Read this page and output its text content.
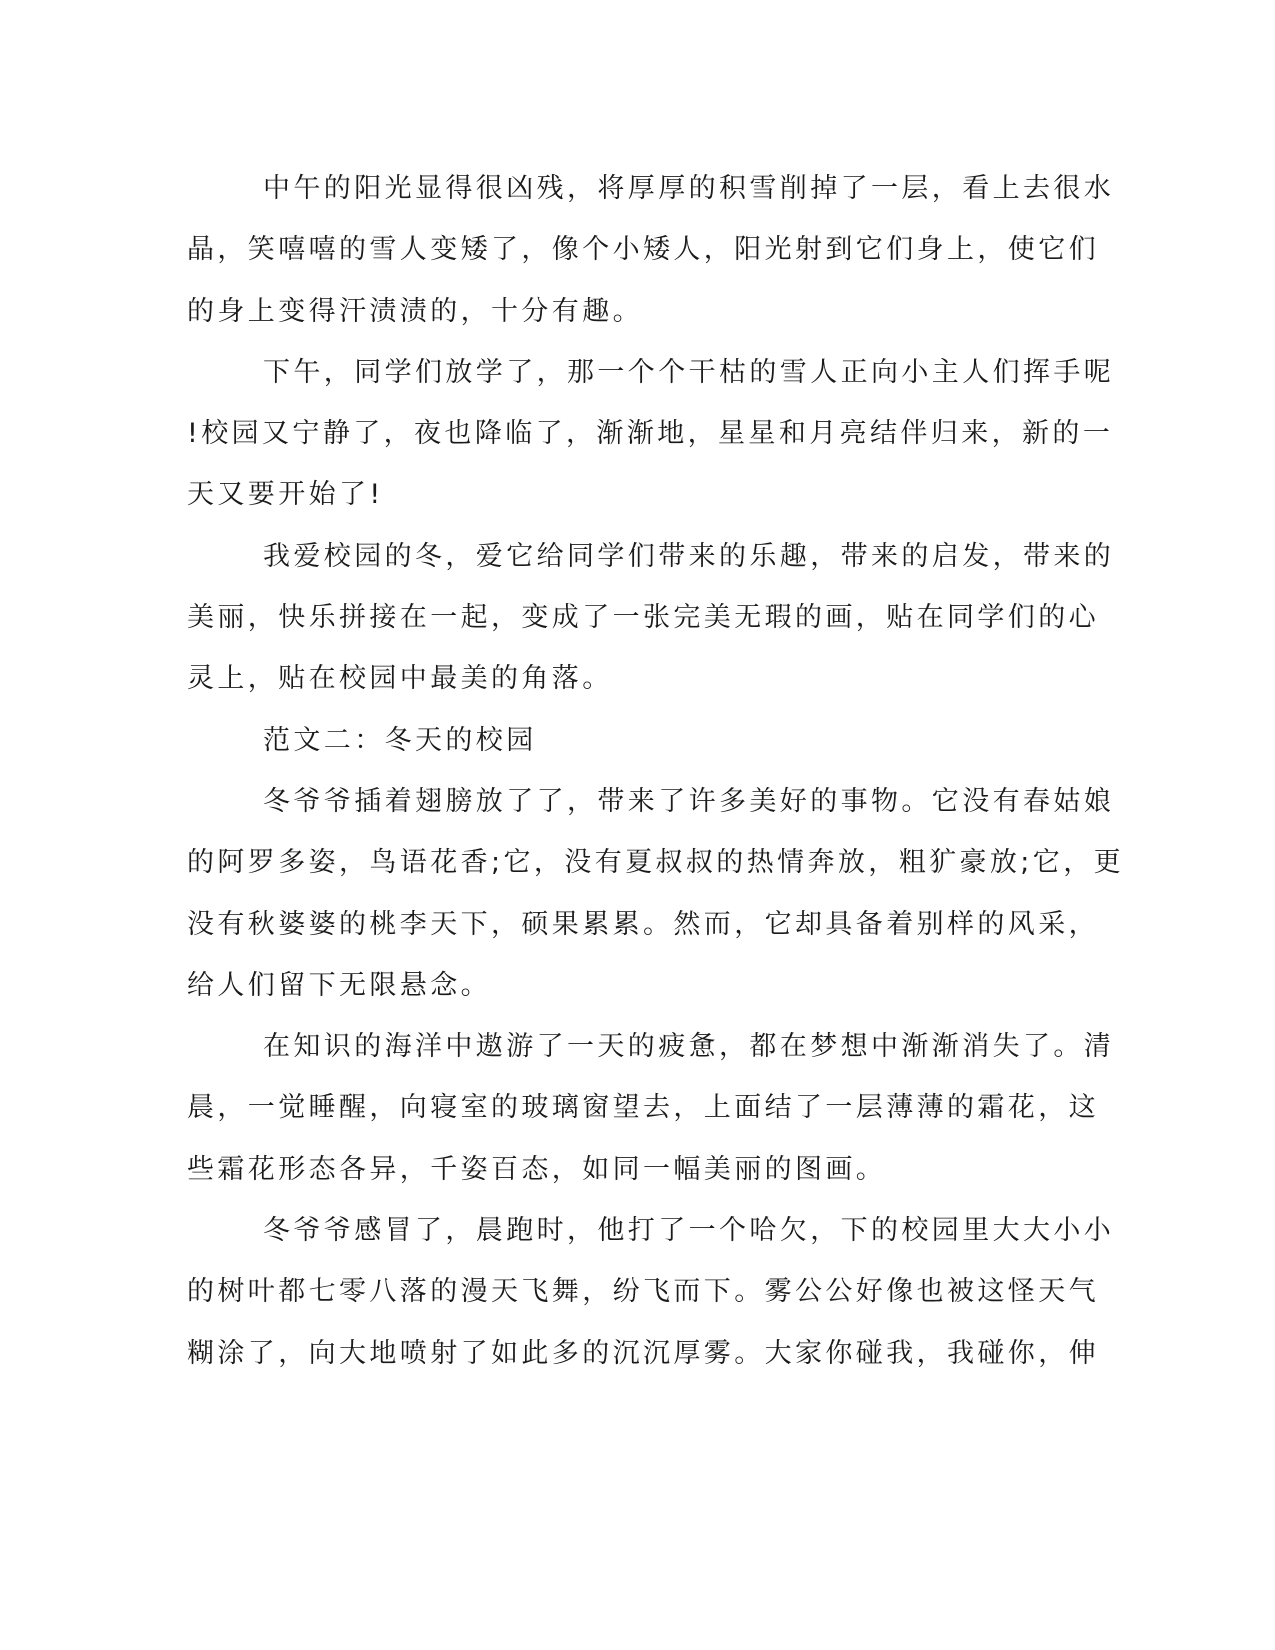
中午的阳光显得很凶残，将厚厚的积雪削掉了一层，看上去很水
晶，笑嘻嘻的雪人变矮了，像个小矮人，阳光射到它们身上，使它们
的身上变得汗渍渍的，十分有趣。
下午，同学们放学了，那一个个干枯的雪人正向小主人们挥手呢
!校园又宁静了，夜也降临了，渐渐地，星星和月亮结伴归来，新的一
天又要开始了!
我爱校园的冬，爱它给同学们带来的乐趣，带来的启发，带来的
美丽，快乐拼接在一起，变成了一张完美无瑕的画，贴在同学们的心
灵上，贴在校园中最美的角落。
范文二：冬天的校园
冬爷爷插着翅膀放了了，带来了许多美好的事物。它没有春姑娘
的阿罗多姿，鸟语花香;它，没有夏叔叔的热情奔放，粗犷豪放;它，更
没有秋婆婆的桃李天下，硕果累累。然而，它却具备着别样的风采，
给人们留下无限悬念。
在知识的海洋中遨游了一天的疲惫，都在梦想中渐渐消失了。清
晨，一觉睡醒，向寝室的玻璃窗望去，上面结了一层薄薄的霜花，这
些霜花形态各异，千姿百态，如同一幅美丽的图画。
冬爷爷感冒了，晨跑时，他打了一个哈欠，下的校园里大大小小
的树叶都七零八落的漫天飞舞，纷飞而下。雾公公好像也被这怪天气
糊涂了，向大地喷射了如此多的沉沉厚雾。大家你碰我，我碰你，伸
